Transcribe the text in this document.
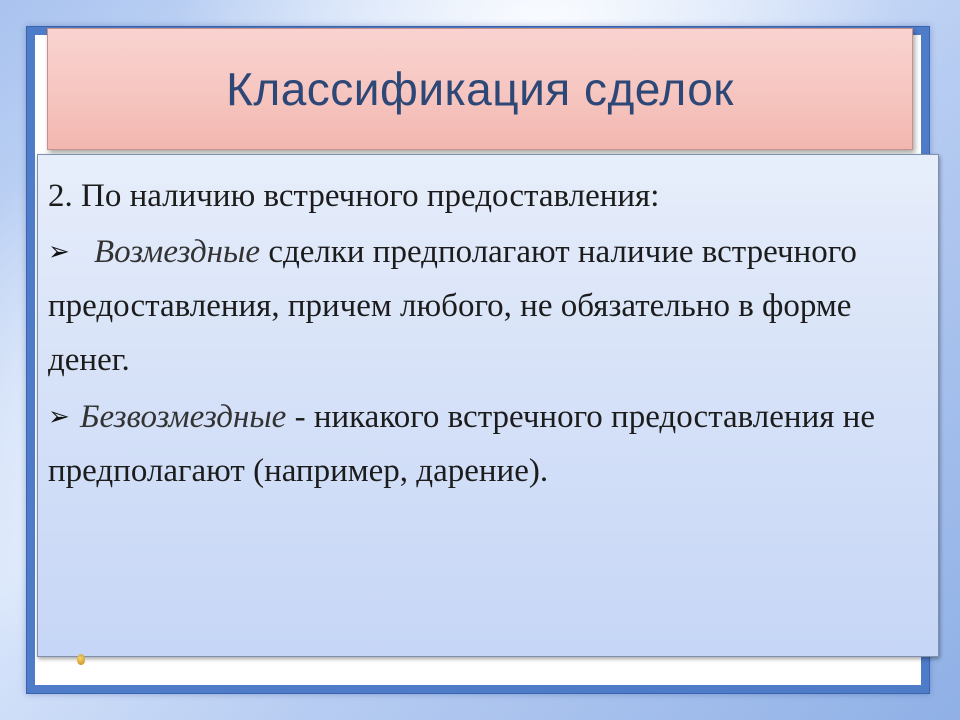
Классификация сделок

2. По наличию встречного предоставления:

➢ Возмездные сделки предполагают наличие встречного предоставления, причем любого, не обязательно в форме денег.

➢ Безвозмездные - никакого встречного предоставления не предполагают (например, дарение).
